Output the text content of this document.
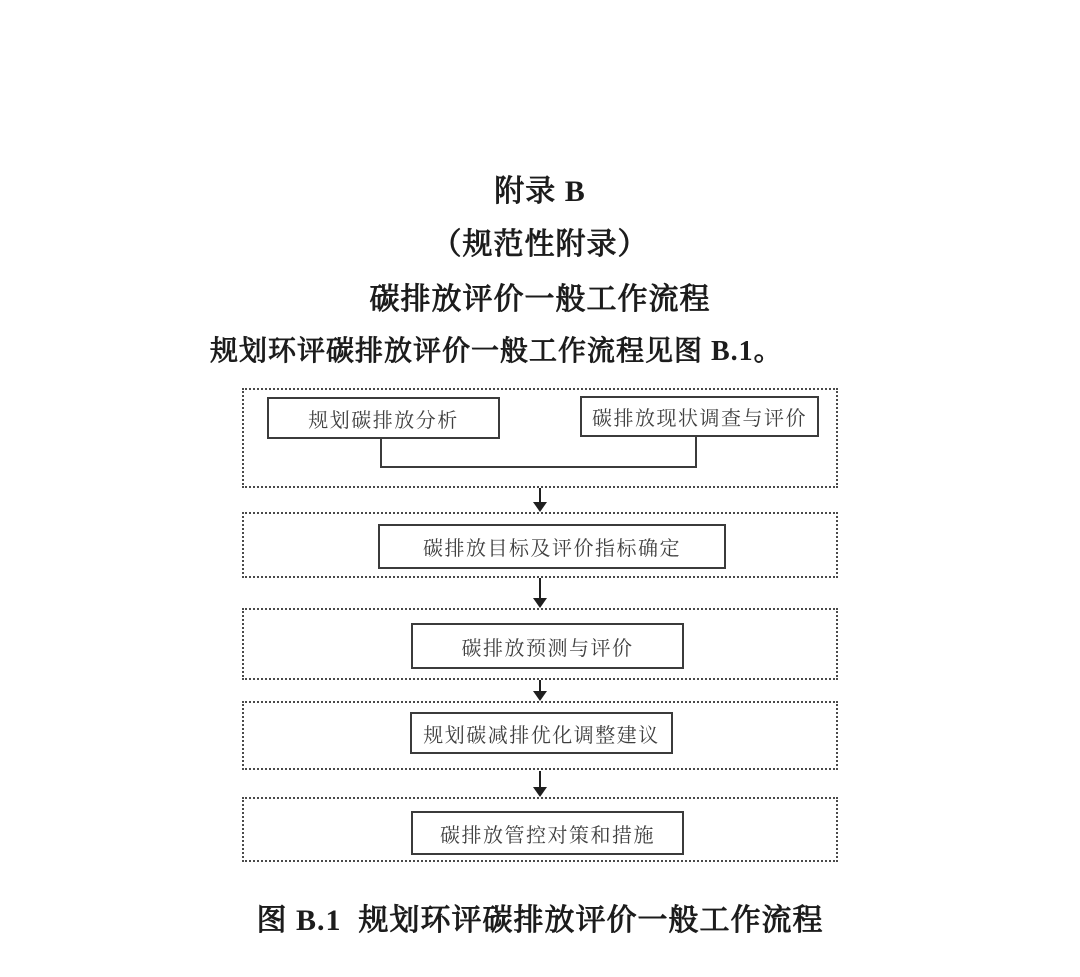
附录 B
（规范性附录）
碳排放评价一般工作流程
规划环评碳排放评价一般工作流程见图 B.1。
规划碳排放分析	碳排放现状调查与评价
碳排放目标及评价指标确定
碳排放预测与评价
规划碳减排优化调整建议
碳排放管控对策和措施
图 B.1  规划环评碳排放评价一般工作流程
